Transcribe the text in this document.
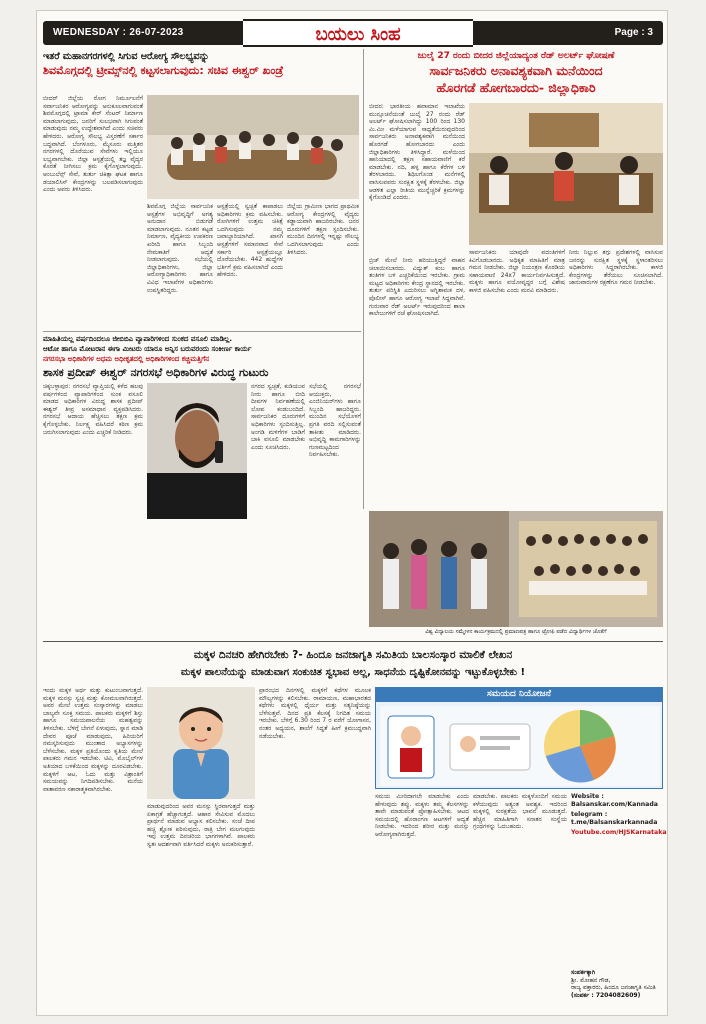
WEDNESDAY : 26-07-2023	ಬಯಲು ಸಿಂಹ	Page : 3
ಇತರೆ ಮಹಾನಗರಗಳಲ್ಲಿ ಸಿಗುವ ಆರೋಗ್ಯ ಸೌಲಭ್ಯವನ್ನು
ಶಿವಮೊಗ್ಗದಲ್ಲಿ ಟ್ರೀಮ್ಸ್‌ನಲ್ಲಿ ಕಟ್ಟಸಲಾಗುವುದು: ಸಚಿವ ಈಶ್ವರ್ ಖಂಡ್ರೆ
ಬೀದರ್ ಜಿಲ್ಲೆಯ ರೋಗ ನಿರ್ಮೂಲನೆಗೆ ಸರ್ವಾಜನಿಕರ ಆರೋಗ್ಯವನ್ನು ಅನುಕೂಲವಾಗುವಂತೆ ಶಿವಮೊಗ್ಗದಲ್ಲಿ ಟ್ರಾಮಾ ಕೇರ್ ಸೆಂಟರ್ ನಿರ್ಮಾಣ ಮಾಡಲಾಗುವುದು, ಜನರಿಗೆ ಸುಲಭವಾಗಿ ಸಿಗುವಂತೆ ಮಾಡುವುದು ನಮ್ಮ ಉದ್ದೇಶವಾಗಿದೆ ಎಂದು ಸಚಿವರು ಹೇಳಿದರು. ಆರೋಗ್ಯ ಸೌಲಭ್ಯ ವಿಸ್ತರಣೆಗೆ ಸರ್ಕಾರ ಬದ್ಧವಾಗಿದೆ. ಬೆಂಗಳೂರು, ಮೈಸೂರು ಮತ್ತಿತರ ನಗರಗಳಲ್ಲಿ ದೊರೆಯುವ ಸೇವೆಗಳು ಇಲ್ಲಿಯೂ ಲಭ್ಯವಾಗಬೇಕು. ಜಿಲ್ಲಾ ಆಸ್ಪತ್ರೆಯಲ್ಲಿ ತಜ್ಞ ವೈದ್ಯರ ಕೊರತೆ ನೀಗಿಸಲು ಕ್ರಮ ಕೈಗೊಳ್ಳಲಾಗುವುದು. ಆಂಬುಲೆನ್ಸ್ ಸೇವೆ, ತುರ್ತು ಚಿಕಿತ್ಸಾ ಘಟಕ ಹಾಗೂ ಡಯಾಲಿಸಿಸ್ ಕೇಂದ್ರಗಳನ್ನು ಬಲಪಡಿಸಲಾಗುವುದು ಎಂದು ಅವರು ತಿಳಿಸಿದರು.
ಶಿವಮೊಗ್ಗ ಜಿಲ್ಲೆಯ ಸಾರ್ವಜನಿಕ ಆಸ್ಪತ್ರೆಗಳ ಅಭಿವೃದ್ಧಿಗೆ ಅಗತ್ಯ ಅನುದಾನ ಬಿಡುಗಡೆ ಮಾಡಲಾಗುವುದು. ನೂತನ ಕಟ್ಟಡ ನಿರ್ಮಾಣ, ವೈದ್ಯಕೀಯ ಉಪಕರಣ ಖರೀದಿ ಹಾಗೂ ಸಿಬ್ಬಂದಿ ನೇಮಕಾತಿಗೆ ಆದ್ಯತೆ ನೀಡಲಾಗುವುದು. ಸಭೆಯಲ್ಲಿ ಜಿಲ್ಲಾಧಿಕಾರಿಗಳು, ಜಿಲ್ಲಾ ಆರೋಗ್ಯಾಧಿಕಾರಿಗಳು ಹಾಗೂ ವಿವಿಧ ಇಲಾಖೆಗಳ ಅಧಿಕಾರಿಗಳು ಉಪಸ್ಥಿತರಿದ್ದರು.
ಆಸ್ಪತ್ರೆಯಲ್ಲಿ ಸ್ವಚ್ಛತೆ ಕಾಪಾಡಲು ಅಧಿಕಾರಿಗಳು ಕ್ರಮ ವಹಿಸಬೇಕು. ರೋಗಿಗಳಿಗೆ ಉತ್ತಮ ಚಿಕಿತ್ಸೆ ಒದಗಿಸುವುದು ನಮ್ಮ ಜವಾಬ್ದಾರಿಯಾಗಿದೆ. ಖಾಸಗಿ ಆಸ್ಪತ್ರೆಗಳಿಗೆ ಸಮಾನವಾದ ಸೇವೆ ಸರ್ಕಾರಿ ಆಸ್ಪತ್ರೆಯಲ್ಲೂ ದೊರೆಯಬೇಕು. 442 ಹುದ್ದೆಗಳ ಭರ್ತಿಗೆ ಕ್ರಮ ವಹಿಸಲಾಗಿದೆ ಎಂದು ಹೇಳಿದರು.
ಜಿಲ್ಲೆಯ ಗ್ರಾಮೀಣ ಭಾಗದ ಪ್ರಾಥಮಿಕ ಆರೋಗ್ಯ ಕೇಂದ್ರಗಳಲ್ಲಿ ವೈದ್ಯರು ಕಡ್ಡಾಯವಾಗಿ ಹಾಜರಿರಬೇಕು. ಜನರ ದೂರುಗಳಿಗೆ ತಕ್ಷಣ ಸ್ಪಂದಿಸಬೇಕು. ಮುಂದಿನ ದಿನಗಳಲ್ಲಿ ಇನ್ನಷ್ಟು ಸೌಲಭ್ಯ ಒದಗಿಸಲಾಗುವುದು ಎಂದು ತಿಳಿಸಿದರು.
ಜುಲೈ 27 ರಂದು ಬೀದರ ಜಿಲ್ಲೆಯಾದ್ಯಂತ ರೆಡ್ ಅಲರ್ಟ್ ಘೋಷಣೆ
ಸಾರ್ವಜನಿಕರು ಅನಾವಶ್ಯಕವಾಗಿ ಮನೆಯಿಂದ
ಹೊರಗಡೆ ಹೋಗಬಾರದು- ಜಿಲ್ಲಾಧಿಕಾರಿ
ಬೀದರ: ಭಾರತೀಯ ಹವಾಮಾನ ಇಲಾಖೆಯ ಮುನ್ಸೂಚನೆಯಂತೆ ಜುಲೈ 27 ರಂದು ರೆಡ್ ಅಲರ್ಟ್ ಘೋಷಿಸಲಾಗಿದ್ದು 100 ರಿಂದ 130 ಮಿ.ಮೀ ಮಳೆಯಾಗುವ ಸಾಧ್ಯತೆಯಿರುವುದರಿಂದ ಸಾರ್ವಜನಿಕರು ಅನಾವಶ್ಯಕವಾಗಿ ಮನೆಯಿಂದ ಹೊರಗಡೆ ಹೋಗಬಾರದು ಎಂದು ಜಿಲ್ಲಾಧಿಕಾರಿಗಳು ತಿಳಿಸಿದ್ದಾರೆ. ಮಳೆಯಿಂದ ಹಾನಿಯಾದಲ್ಲಿ ತಕ್ಷಣ ಸಹಾಯವಾಣಿಗೆ ಕರೆ ಮಾಡಬೇಕು. ನದಿ, ಹಳ್ಳ ಹಾಗೂ ಕೆರೆಗಳ ಬಳಿ ತೆರಳಬಾರದು. ಶಿಥಿಲಗೊಂಡ ಮನೆಗಳಲ್ಲಿ ವಾಸಿಸುವವರು ಸುರಕ್ಷಿತ ಸ್ಥಳಕ್ಕೆ ತೆರಳಬೇಕು. ಜಿಲ್ಲಾ ಆಡಳಿತ ಎಲ್ಲಾ ರೀತಿಯ ಮುನ್ನೆಚ್ಚರಿಕೆ ಕ್ರಮಗಳನ್ನು ಕೈಗೊಂಡಿದೆ ಎಂದರು.
ಬ್ರಿಜ್ ಮೇಲೆ ನೀರು ಹರಿಯುತ್ತಿದ್ದರೆ ವಾಹನ ಚಲಾಯಿಸಬಾರದು. ವಿದ್ಯುತ್ ಕಂಬ ಹಾಗೂ ತಂತಿಗಳ ಬಳಿ ಎಚ್ಚರಿಕೆಯಿಂದ ಇರಬೇಕು. ಗ್ರಾಮ ಮಟ್ಟದ ಅಧಿಕಾರಿಗಳು ಕೇಂದ್ರ ಸ್ಥಾನದಲ್ಲಿ ಇರಬೇಕು. ತುರ್ತು ಪರಿಸ್ಥಿತಿ ಎದುರಿಸಲು ಅಗ್ನಿಶಾಮಕ ದಳ, ಪೊಲೀಸ್ ಹಾಗೂ ಆರೋಗ್ಯ ಇಲಾಖೆ ಸಿದ್ಧವಾಗಿವೆ. ಗುರುವಾರ ರೆಡ್ ಅಲರ್ಟ್ ಇರುವುದರಿಂದ ಶಾಲಾ ಕಾಲೇಜುಗಳಿಗೆ ರಜೆ ಘೋಷಿಸಲಾಗಿದೆ.
ಸಾರ್ವಜನಿಕರು ಯಾವುದೇ ವದಂತಿಗಳಿಗೆ ಕಿವಿಗೊಡಬಾರದು. ಅಧಿಕೃತ ಮಾಹಿತಿಗೆ ಮಾತ್ರ ಗಮನ ನೀಡಬೇಕು. ಜಿಲ್ಲಾ ನಿಯಂತ್ರಣ ಕೊಠಡಿಯ ಸಹಾಯವಾಣಿ 24x7 ಕಾರ್ಯನಿರ್ವಹಿಸುತ್ತದೆ. ಮಕ್ಕಳು ಹಾಗೂ ವಯೋವೃದ್ಧರ ಬಗ್ಗೆ ವಿಶೇಷ ಕಾಳಜಿ ವಹಿಸಬೇಕು ಎಂದು ಮನವಿ ಮಾಡಿದರು.
ನೀರು ನಿಲ್ಲುವ ತಗ್ಗು ಪ್ರದೇಶಗಳಲ್ಲಿ ವಾಸಿಸುವ ಜನರನ್ನು ಸುರಕ್ಷಿತ ಸ್ಥಳಕ್ಕೆ ಸ್ಥಳಾಂತರಿಸಲು ಅಧಿಕಾರಿಗಳು ಸಿದ್ಧರಾಗಿರಬೇಕು. ಕಾಳಜಿ ಕೇಂದ್ರಗಳನ್ನು ತೆರೆಯಲು ಸೂಚಿಸಲಾಗಿದೆ. ಜಾನುವಾರುಗಳ ರಕ್ಷಣೆಗೂ ಗಮನ ನೀಡಬೇಕು.
ಮಾಹಿತಿಯಲ್ಲ ವರ್ಷದಿಂದಲೂ ಜೀಬಿಬಿಎ ವ್ಯಾಪಾರಿಗಳಿಂದ ಸುಂಕದ ವಸೂಲಿ ಮಾಡಿಲ್ಲ.
ಆಟೋ ಹಾಗೂ ಮೋಟರಾನ ಈಗಾ ಮೀಟರು ಯಾರೂ ಅನ್ನಿಸ ಬರುವರಂದು ಸಂಕೀರ್ಣ ಕಾರ್ಯ
ನಗರಸಭಾ ಅಧಿಕಾರಿಗಳ ಅಧಮ ಅಧೀಕೃತದಲ್ಲಿ ಅಧಿಕಾರಿಗಳಿಂದ ಕಚ್ಚಿಮತ್ತಿಗೆನ
ಶಾಸಕ ಪ್ರದೀಪ್ ಈಶ್ವರ್ ನಗರಸಭೆ ಅಧಿಕಾರಿಗಳ ವಿರುದ್ಧ ಗುಟುರು
ಚಿಕ್ಕಬಳ್ಳಾಪುರ: ನಗರಸಭೆ ವ್ಯಾಪ್ತಿಯಲ್ಲಿ ಕಳೆದ ಹಲವು ವರ್ಷಗಳಿಂದ ವ್ಯಾಪಾರಿಗಳಿಂದ ಸುಂಕ ವಸೂಲಿ ಮಾಡದ ಅಧಿಕಾರಿಗಳ ವಿರುದ್ಧ ಶಾಸಕ ಪ್ರದೀಪ್ ಈಶ್ವರ್ ತೀವ್ರ ಅಸಮಾಧಾನ ವ್ಯಕ್ತಪಡಿಸಿದರು. ನಗರಸಭೆ ಆದಾಯ ಹೆಚ್ಚಿಸಲು ತಕ್ಷಣ ಕ್ರಮ ಕೈಗೊಳ್ಳಬೇಕು. ನಿರ್ಲಕ್ಷ್ಯ ವಹಿಸಿದರೆ ಕಠಿಣ ಕ್ರಮ ಜರುಗಿಸಲಾಗುವುದು ಎಂದು ಎಚ್ಚರಿಕೆ ನೀಡಿದರು.
ನಗರದ ಸ್ವಚ್ಛತೆ, ಕುಡಿಯುವ ನೀರು ಹಾಗೂ ಬೀದಿ ದೀಪಗಳ ನಿರ್ವಹಣೆಯಲ್ಲಿ ಲೋಪ ಕಂಡುಬಂದಿದೆ. ಸಾರ್ವಜನಿಕರ ದೂರುಗಳಿಗೆ ಅಧಿಕಾರಿಗಳು ಸ್ಪಂದಿಸುತ್ತಿಲ್ಲ. ಅಂಗಡಿ ಮಳಿಗೆಗಳ ಬಾಡಿಗೆ ಬಾಕಿ ವಸೂಲಿ ಮಾಡಬೇಕು ಎಂದು ಸೂಚಿಸಿದರು.
ಸಭೆಯಲ್ಲಿ ನಗರಸಭೆ ಆಯುಕ್ತರು, ಎಂಜಿನಿಯರ್‌ಗಳು ಹಾಗೂ ಸಿಬ್ಬಂದಿ ಹಾಜರಿದ್ದರು. ಮುಂದಿನ ಸಭೆಯೊಳಗೆ ಪ್ರಗತಿ ವರದಿ ಸಲ್ಲಿಸುವಂತೆ ತಾಕೀತು ಮಾಡಿದರು. ಅಭಿವೃದ್ಧಿ ಕಾಮಗಾರಿಗಳನ್ನು ಗುಣಮಟ್ಟದಿಂದ ನಿರ್ವಹಿಸಬೇಕು.
ವಿಶ್ವ ವಿದ್ಯಾಲಯ ಸಮ್ಮೇಳನ ಕಾರ್ಯಕ್ರಮದಲ್ಲಿ ಪ್ರಮಾಣಪತ್ರ ಹಾಗೂ ಟ್ರೋಫಿ ಪಡೆದ ವಿದ್ಯಾರ್ಥಿಗಳ ಜೊತೆಗೆ
ಮಕ್ಕಳ ದಿನಚರಿ ಹೇಗಿರಬೇಕು ?- ಹಿಂದೂ ಜನಜಾಗೃತಿ ಸಮಿತಿಯ ಬಾಲಸಂಸ್ಕಾರ ಮಾಲಿಕೆ ಲೇಖನ
ಮಕ್ಕಳ ಪಾಲನೆಯನ್ನು ಮಾಡುವಾಗ ಸಂಕುಚಿತ ಸ್ವಭಾವ ಅಲ್ಲ, ಸಾಧನೆಯ ದೃಷ್ಟಿಕೋನವನ್ನು ಇಟ್ಟುಕೊಳ್ಳಬೇಕು !
ಇಂದು ಮಕ್ಕಳ ಅರ್ಥ ಮತ್ತು ಕುಟುಂಬವಾಗುತ್ತದೆ. ಮಕ್ಕಳ ಮನಸ್ಸು ಸ್ವಚ್ಛ ಮತ್ತು ಕೋಮಲವಾಗಿರುತ್ತದೆ. ಅವರ ಮೇಲೆ ಉತ್ತಮ ಸಂಸ್ಕಾರಗಳನ್ನು ಮಾಡಲು ಬಾಲ್ಯವೇ ಸೂಕ್ತ ಸಮಯ. ಪಾಲಕರು ಮಕ್ಕಳಿಗೆ ಶಿಸ್ತು ಹಾಗೂ ಸಮಯಪಾಲನೆಯ ಮಹತ್ವವನ್ನು ತಿಳಿಸಬೇಕು. ಬೆಳಿಗ್ಗೆ ಬೇಗನೆ ಏಳುವುದು, ಸ್ನಾನ ಮಾಡಿ ದೇವರ ಪೂಜೆ ಮಾಡುವುದು, ಹಿರಿಯರಿಗೆ ನಮಸ್ಕರಿಸುವುದು ಮುಂತಾದ ಅಭ್ಯಾಸಗಳನ್ನು ಬೆಳೆಸಬೇಕು. ಮಕ್ಕಳ ಪ್ರತಿಯೊಂದು ಕೃತಿಯ ಮೇಲೆ ಪಾಲಕರು ಗಮನ ಇಡಬೇಕು. ಟಿವಿ, ಮೊಬೈಲ್‌ಗಳ ಅತಿಯಾದ ಬಳಕೆಯಿಂದ ಮಕ್ಕಳನ್ನು ದೂರವಿಡಬೇಕು. ಮಕ್ಕಳಿಗೆ ಆಟ, ಓದು ಮತ್ತು ವಿಶ್ರಾಂತಿಗೆ ಸಮಯವನ್ನು ನಿಗದಿಪಡಿಸಬೇಕು. ಮನೆಯ ವಾತಾವರಣ ಸಕಾರಾತ್ಮಕವಾಗಿರಬೇಕು.
ಮಾಡುವುದರಿಂದ ಅವರ ಮನಸ್ಸು ಸ್ಥಿರವಾಗುತ್ತದೆ ಮತ್ತು ಏಕಾಗ್ರತೆ ಹೆಚ್ಚಾಗುತ್ತದೆ. ಆಹಾರ ಸೇವಿಸುವ ಮೊದಲು ಪ್ರಾರ್ಥನೆ ಮಾಡುವ ಅಭ್ಯಾಸ ಕಲಿಸಬೇಕು. ಸಂಜೆ ದೀಪ ಹಚ್ಚಿ ಶ್ಲೋಕ ಪಠಿಸುವುದು, ರಾತ್ರಿ ಬೇಗ ಮಲಗುವುದು ಇವು ಉತ್ತಮ ದಿನಚರಿಯ ಭಾಗಗಳಾಗಿವೆ. ಪಾಲಕರು ಸ್ವತಃ ಆದರ್ಶವಾಗಿ ವರ್ತಿಸಿದರೆ ಮಕ್ಕಳು ಅನುಕರಿಸುತ್ತಾರೆ.
ಪ್ರಾರಂಭದ ದಿನಗಳಲ್ಲಿ ಮಕ್ಕಳಿಗೆ ಕಥೆಗಳ ಮೂಲಕ ಮೌಲ್ಯಗಳನ್ನು ಕಲಿಸಬೇಕು. ರಾಮಾಯಣ, ಮಹಾಭಾರತದ ಕಥೆಗಳು ಮಕ್ಕಳಲ್ಲಿ ಧೈರ್ಯ ಮತ್ತು ಸತ್ಯನಿಷ್ಠೆಯನ್ನು ಬೆಳೆಸುತ್ತವೆ. ದಿನದ ಪ್ರತಿ ಕೆಲಸಕ್ಕೆ ನಿಗದಿತ ಸಮಯ ಇರಬೇಕು. ಬೆಳಿಗ್ಗೆ 6.30 ರಿಂದ 7 ರ ವರೆಗೆ ಯೋಗಾಸನ, ನಂತರ ಅಧ್ಯಯನ, ಶಾಲೆಗೆ ಸಿದ್ಧತೆ ಹೀಗೆ ಕ್ರಮಬದ್ಧವಾಗಿ ನಡೆಯಬೇಕು.
ಸಮಯದ ನಿಯೋಜನೆ
ಸಮಯ ಮೀರಿದಾಗಲೇ ಮಾಡಬೇಕು ಎಂದು ಹೇಳುವುದು ತಪ್ಪು. ಮಕ್ಕಳು ತಮ್ಮ ಕೆಲಸಗಳನ್ನು ತಾವೇ ಮಾಡುವಂತೆ ಪ್ರೋತ್ಸಾಹಿಸಬೇಕು. ಆಟದ ಸಮಯದಲ್ಲಿ ಹೊರಾಂಗಣ ಆಟಗಳಿಗೆ ಆದ್ಯತೆ ನೀಡಬೇಕು. ಇದರಿಂದ ಶರೀರ ಮತ್ತು ಮನಸ್ಸು ಆರೋಗ್ಯವಾಗಿರುತ್ತದೆ.
ಮಾಡಬೇಕು. ಪಾಲಕರು ಮಕ್ಕಳೊಂದಿಗೆ ಸಮಯ ಕಳೆಯುವುದು ಅತ್ಯಂತ ಅವಶ್ಯಕ. ಇದರಿಂದ ಮಕ್ಕಳಲ್ಲಿ ಸುರಕ್ಷತೆಯ ಭಾವನೆ ಮೂಡುತ್ತದೆ. ಹೆಚ್ಚಿನ ಮಾಹಿತಿಗಾಗಿ ಸನಾತನ ಸಂಸ್ಥೆಯ ಗ್ರಂಥಗಳನ್ನು ಓದಬಹುದು.
Website : Balsanskar.com/Kannada
telegram : t.me/Balsanskarkannada
Youtube.com/HJSKarnataka
ಸಂಪರ್ಕಕ್ಕಾಗಿ
ಶ್ರೀ. ಮೋಹನ ಗೌಡ,
ರಾಜ್ಯ ವಕ್ತಾರರು, ಹಿಂದೂ ಜನಜಾಗೃತಿ ಸಮಿತಿ
(ಸಂಪರ್ಕ : 7204082609)
